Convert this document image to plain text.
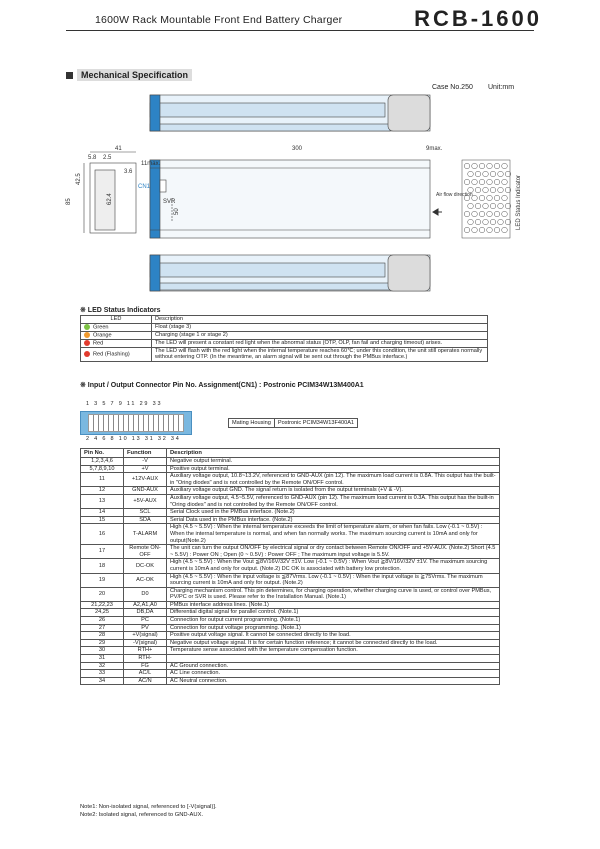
1600W Rack Mountable Front End Battery Charger	RCB-1600
Mechanical Specification
Case No.250 Unit:mm
41
5.8 2.5
11max.
3.6
42.5
62.4
85
50
300	9max.
CN1
SVR
Air flow direction	LED Status Indicator
※ LED Status Indicators
LED	Description
Green	Float (stage 3)
Orange	Charging (stage 1 or stage 2)
Red	The LED will present a constant red light when the abnormal status (OTP, OLP, fan fail and charging timeout) arises.
Red (Flashing)	The LED will flash with the red light when the internal temperature reaches 60℃; under this condition, the unit still operates normally without entering OTP. (In the meantime, an alarm signal will be sent out through the PMBus interface.)
※ Input / Output Connector Pin No. Assignment(CN1) : Postronic PCIM34W13M400A1
1 3 5 7 9 11 29 33
2 4 6 8 10 13 31 32 34
Mating Housing	Postronic PCIM34W13F400A1
Pin No.	Function	Description
1,2,3,4,6	-V	Negative output terminal.
5,7,8,9,10	+V	Positive output terminal.
11	+12V-AUX	Auxiliary voltage output, 10.8~13.2V, referenced to GND-AUX (pin 12). The maximum load current is 0.8A. This output has the built-in "Oring diodes" and is not controlled by the Remote ON/OFF control.
12	GND-AUX	Auxiliary voltage output GND. The signal return is isolated from the output terminals (+V & -V).
13	+5V-AUX	Auxiliary voltage output, 4.5~5.5V, referenced to GND-AUX (pin 12). The maximum load current is 0.3A. This output has the built-in "Oring diodes" and is not controlled by the Remote ON/OFF control.
14	SCL	Serial Clock used in the PMBus interface. (Note.2)
15	SDA	Serial Data used in the PMBus interface. (Note.2)
16	T-ALARM	High (4.5 ~ 5.5V) : When the internal temperature exceeds the limit of temperature alarm, or when fan fails. Low (-0.1 ~ 0.5V) : When the internal temperature is normal, and when fan normally works. The maximum sourcing current is 10mA and only for output(Note.2)
17	Remote ON-OFF	The unit can turn the output ON/OFF by electrical signal or dry contact between Remote ON/OFF and +5V-AUX. (Note.2) Short (4.5 ~ 5.5V) : Power ON ; Open (0 ~ 0.5V) : Power OFF ; The maximum input voltage is 5.5V.
18	DC-OK	High (4.5 ~ 5.5V) : When the Vout ≦8V/16V/32V ±1V. Low (-0.1 ~ 0.5V) : When Vout ≧8V/16V/32V ±1V. The maximum sourcing current is 10mA and only for output. (Note.2) DC OK is associated with battery low protection.
19	AC-OK	High (4.5 ~ 5.5V) : When the input voltage is ≦87Vrms. Low (-0.1 ~ 0.5V) : When the input voltage is ≧75Vrms. The maximum sourcing current is 10mA and only for output. (Note.2)
20	D0	Charging mechanism control. This pin determines, for charging operation, whether charging curve is used, or control over PMBus, PV/PC or SVR is used. Please refer to the Installation Manual. (Note.1)
21,22,23	A2,A1,A0	PMBus interface address lines. (Note.1)
24,25	DB,DA	Differential digital signal for parallel control. (Note.1)
26	PC	Connection for output current programming. (Note.1)
27	PV	Connection for output voltage programming. (Note.1)
28	+V(signal)	Positive output voltage signal. It cannot be connected directly to the load.
29	-V(signal)	Negative output voltage signal. It is for certain function reference; it cannot be connected directly to the load.
30	RTH+	Temperature sense associated with the temperature compensation function.
31	RTH-	
32	FG	AC Ground connection.
33	AC/L	AC Line connection.
34	AC/N	AC Neutral connection.
Note1: Non-isolated signal, referenced to [-V(signal)].
Note2: Isolated signal, referenced to GND-AUX.
